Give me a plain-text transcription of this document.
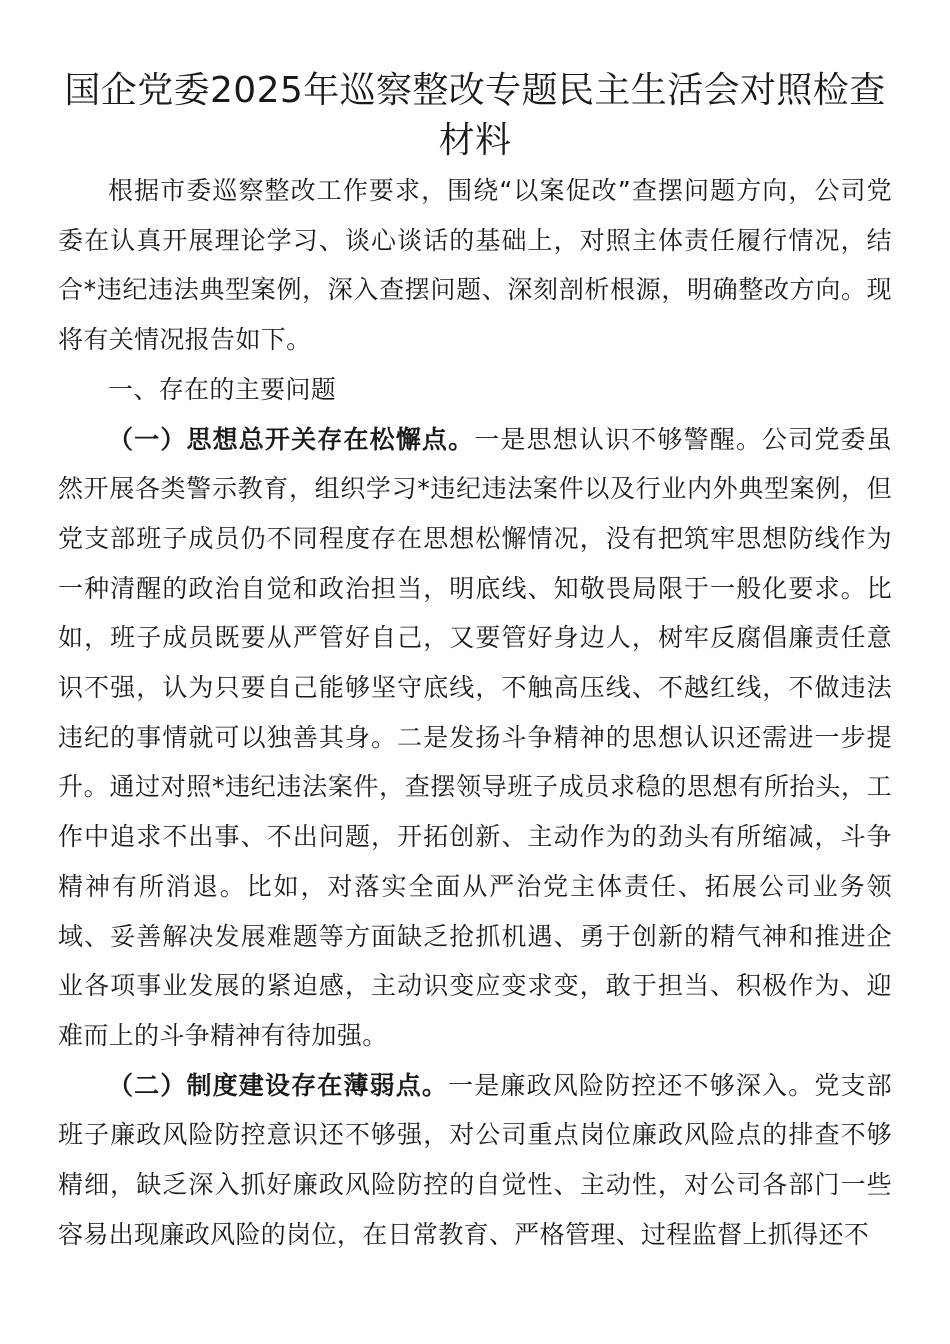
国企党委2025年巡察整改专题民主生活会对照检查材料

根据市委巡察整改工作要求，围绕“以案促改”查摆问题方向，公司党委在认真开展理论学习、谈心谈话的基础上，对照主体责任履行情况，结合*违纪违法典型案例，深入查摆问题、深刻剖析根源，明确整改方向。现将有关情况报告如下。

一、存在的主要问题

（一）思想总开关存在松懈点。一是思想认识不够警醒。公司党委虽然开展各类警示教育，组织学习*违纪违法案件以及行业内外典型案例，但党支部班子成员仍不同程度存在思想松懈情况，没有把筑牢思想防线作为一种清醒的政治自觉和政治担当，明底线、知敬畏局限于一般化要求。比如，班子成员既要从严管好自己，又要管好身边人，树牢反腐倡廉责任意识不强，认为只要自己能够坚守底线，不触高压线、不越红线，不做违法违纪的事情就可以独善其身。二是发扬斗争精神的思想认识还需进一步提升。通过对照*违纪违法案件，查摆领导班子成员求稳的思想有所抬头，工作中追求不出事、不出问题，开拓创新、主动作为的劲头有所缩减，斗争精神有所消退。比如，对落实全面从严治党主体责任、拓展公司业务领域、妥善解决发展难题等方面缺乏抢抓机遇、勇于创新的精气神和推进企业各项事业发展的紧迫感，主动识变应变求变，敢于担当、积极作为、迎难而上的斗争精神有待加强。

（二）制度建设存在薄弱点。一是廉政风险防控还不够深入。党支部班子廉政风险防控意识还不够强，对公司重点岗位廉政风险点的排查不够精细，缺乏深入抓好廉政风险防控的自觉性、主动性，对公司各部门一些容易出现廉政风险的岗位，在日常教育、严格管理、过程监督上抓得还不
